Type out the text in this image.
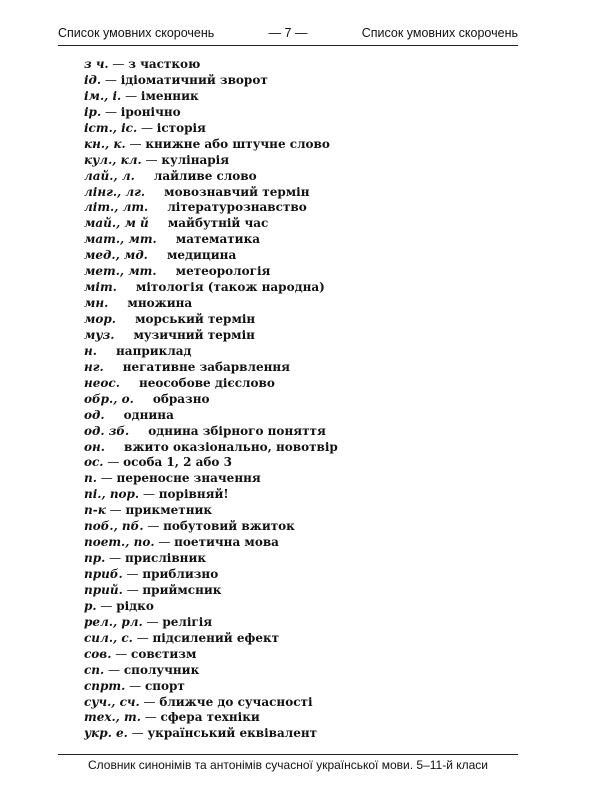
Список умовних скорочень	— 7 —	Список умовних скорочень
з ч. — з часткою
ід. — ідіоматичний зворот
ім., і. — іменник
ір. — іронічно
іст., іс. — історія
кн., к. — книжне або штучне слово
кул., кл. — кулінарія
лай., л. лайливе слово
лінг., лг. мовознавчий термін
літ., лт. літературознавство
май., м й майбутній час
мат., мт. математика
мед., мд. медицина
мет., мт. метеорологія
міт. мітологія (також народна)
мн. множина
мор. морський термін
муз. музичний термін
н. наприклад
нг. негативне забарвлення
неос. неособове дієслово
обр., о. образно
од. однина
од. зб. однина збірного поняття
он. вжито оказіонально, новотвір
ос. — особа 1, 2 або 3
п. — переносне значення
пі., пор. — порівняй!
п-к — прикметник
поб., пб. — побутовий вжиток
поет., по. — поетична мова
пр. — прислівник
приб. — приблизно
прий. — приймсник
р. — рідко
рел., рл. — релігія
сил., с. — підсилений ефект
сов. — совєтизм
сп. — сполучник
спрт. — спорт
суч., сч. — ближче до сучасності
тех., т. — сфера техніки
укр. е. — український еквівалент
Словник синонімів та антонімів сучасної української мови. 5–11-й класи
